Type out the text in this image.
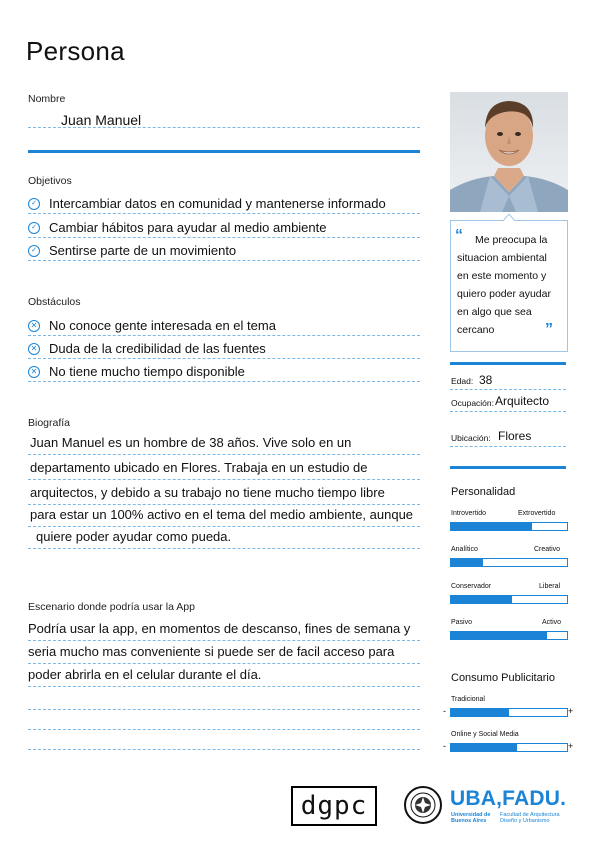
Persona
Nombre
Juan Manuel
Objetivos
✓ Intercambiar datos en comunidad y mantenerse informado
✓ Cambiar hábitos para ayudar al medio ambiente
✓ Sentirse parte de un movimiento
Obstáculos
✕ No conoce gente interesada en el tema
✕ Duda de la credibilidad de las fuentes
✕ No tiene mucho tiempo disponible
Biografía
Juan Manuel es un hombre de 38 años. Vive solo en un
departamento ubicado en Flores. Trabaja en un estudio de
arquitectos, y debido a su trabajo no tiene mucho tiempo libre
para estar un 100% activo en el tema del medio ambiente, aunque
quiere poder ayudar como pueda.
Escenario donde podría usar la App
Podría usar la app, en momentos de descanso, fines de semana y
seria mucho mas conveniente si puede ser de facil acceso para
poder abrirla en el celular durante el día.
“	Me preocupa la
situacion ambiental
en este momento y
quiero poder ayudar
en algo que sea
cercano	”
Edad: 38
Ocupación: Arquitecto
Ubicación: Flores
Personalidad
Introvertido	Extrovertido
Analítico	Creativo
Conservador	Liberal
Pasivo	Activo
Consumo Publicitario
Tradicional
-	+
Online y Social Media
-	+
dgpc	UBA,FADU.
Universidad de Buenos Aires
Facultad de Arquitectura Diseño y Urbanismo
